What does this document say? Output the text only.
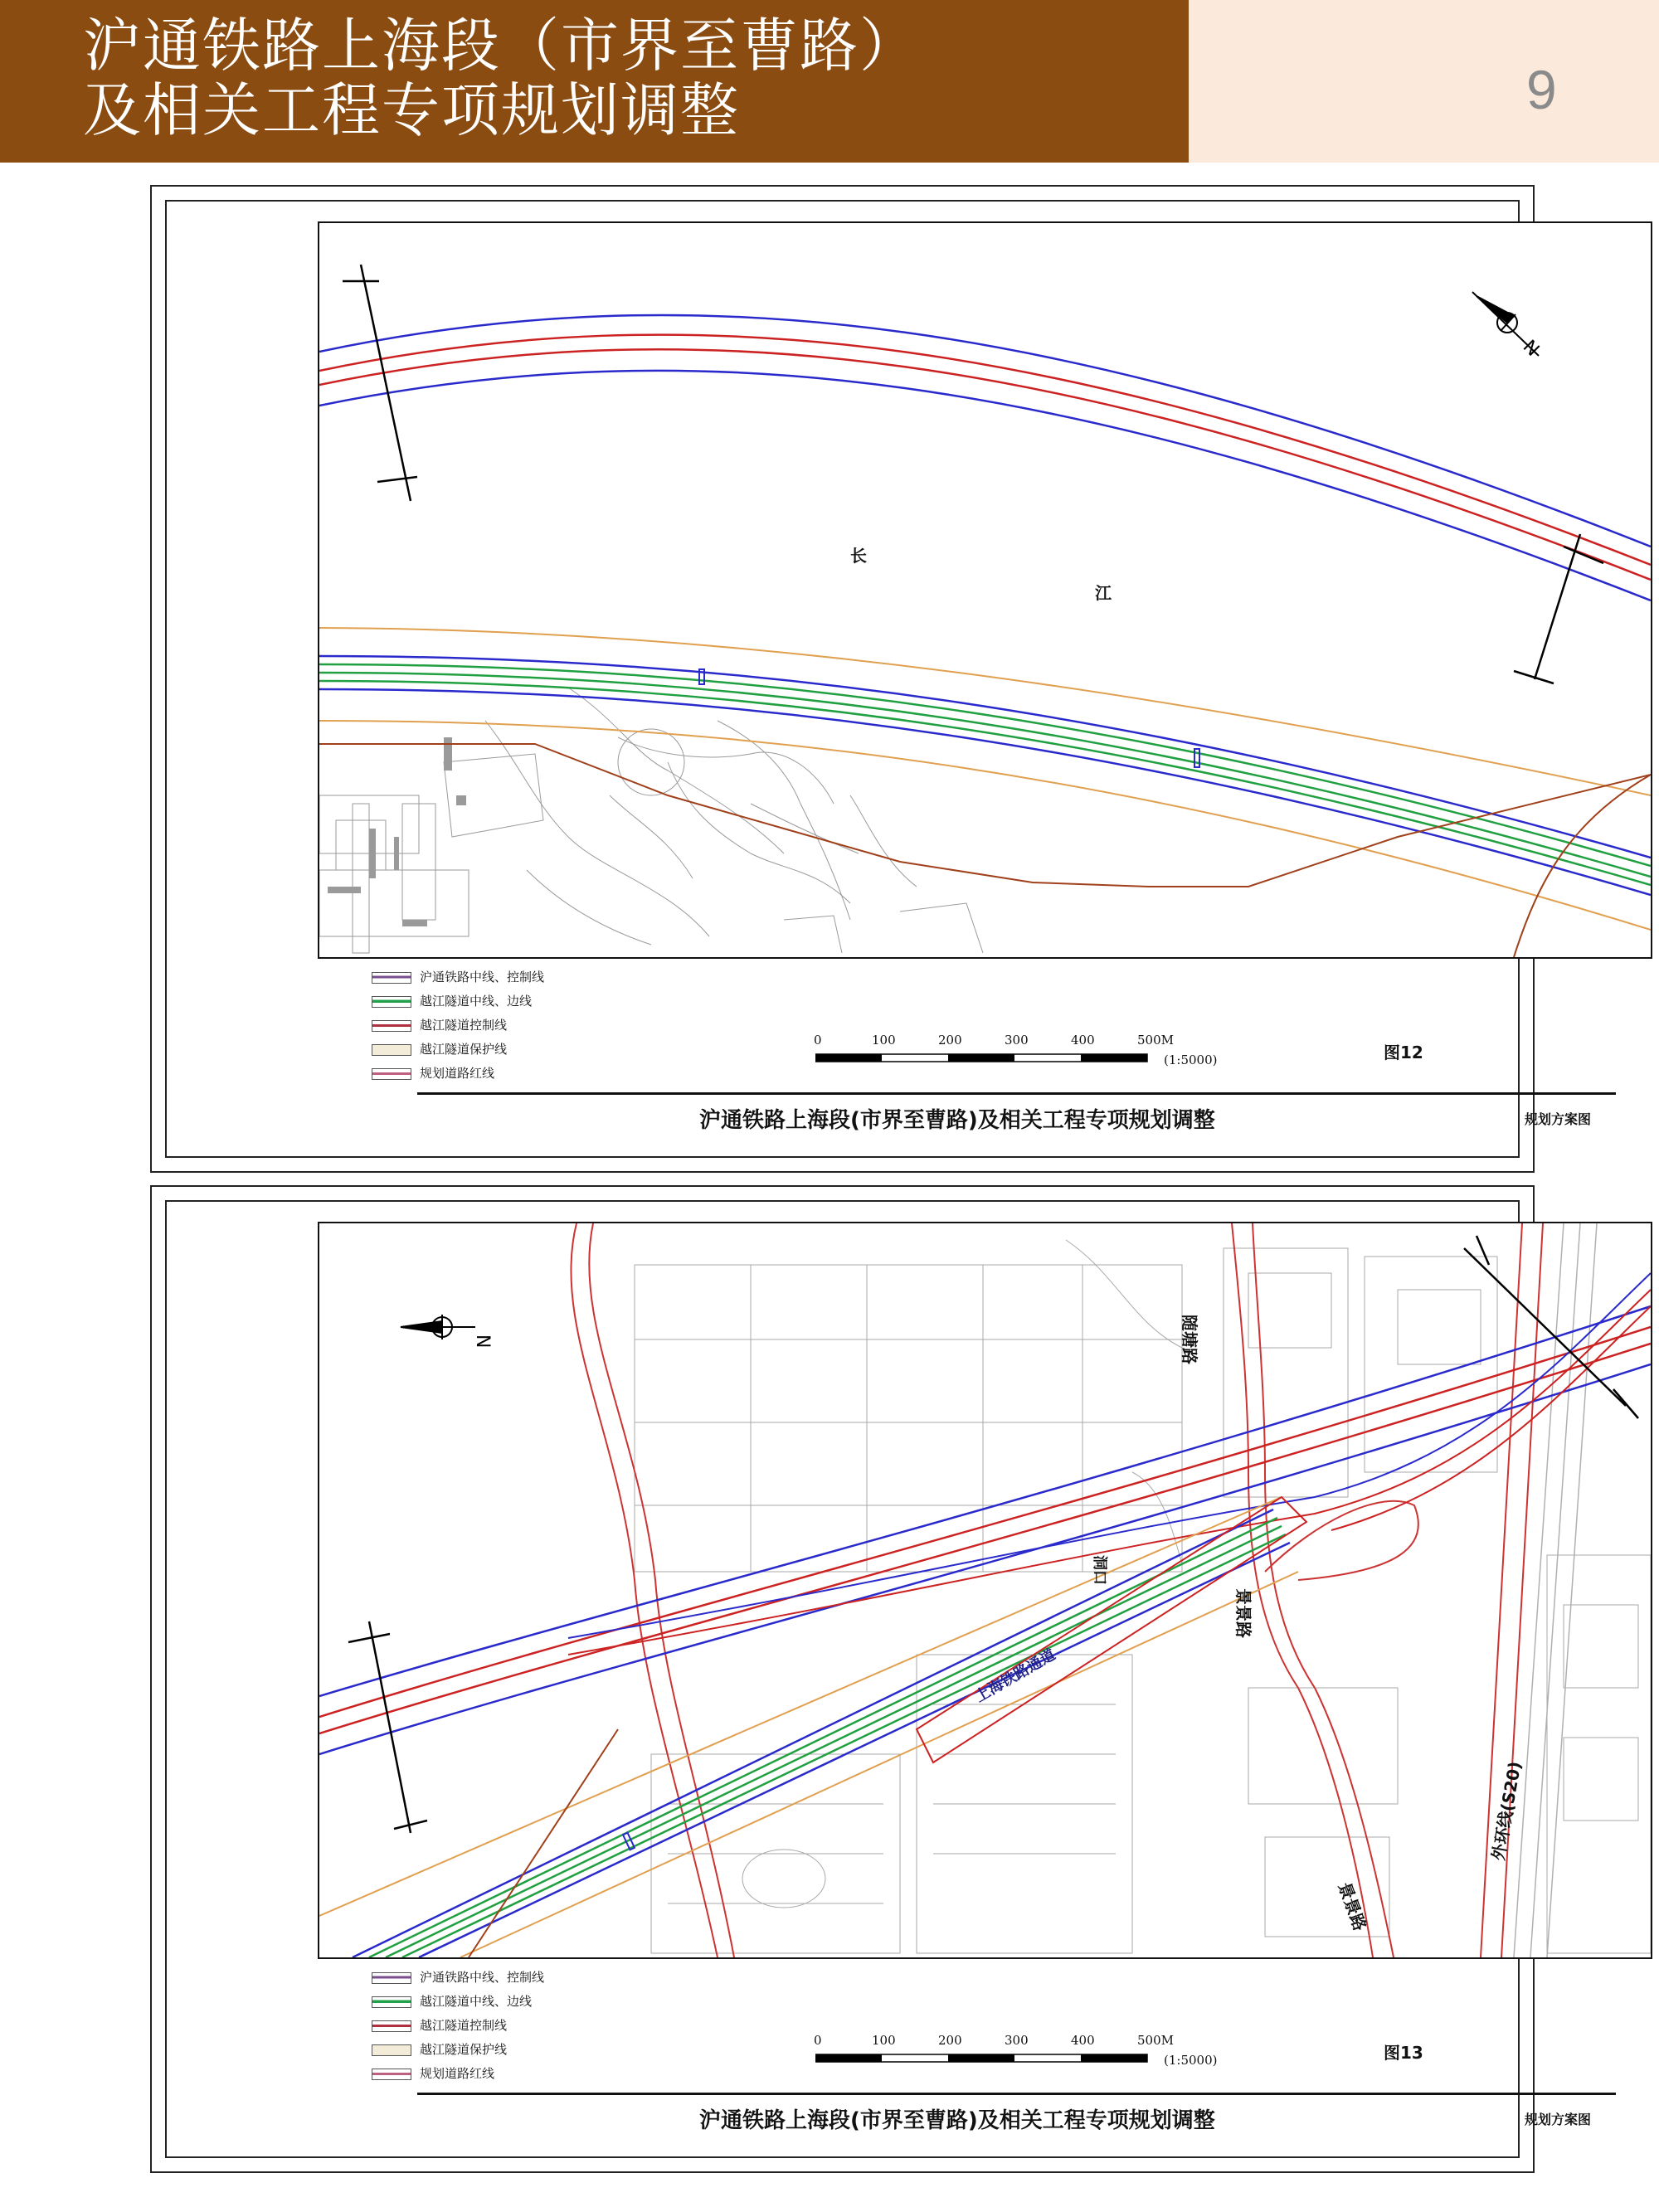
沪通铁路上海段（市界至曹路）
及相关工程专项规划调整	9
N
长
江
沪通铁路中线、控制线
越江隧道中线、边线
越江隧道控制线
越江隧道保护线
规划道路红线
0	100	200	300	400	500M
(1:5000)	图12
沪通铁路上海段(市界至曹路)及相关工程专项规划调整	规划方案图
N	随塘路
景景路
景景路
外环线(S20)
洞口
上海铁路通道
沪通铁路中线、控制线
越江隧道中线、边线
越江隧道控制线
越江隧道保护线
规划道路红线
0	100	200	300	400	500M
(1:5000)	图13
沪通铁路上海段(市界至曹路)及相关工程专项规划调整	规划方案图
